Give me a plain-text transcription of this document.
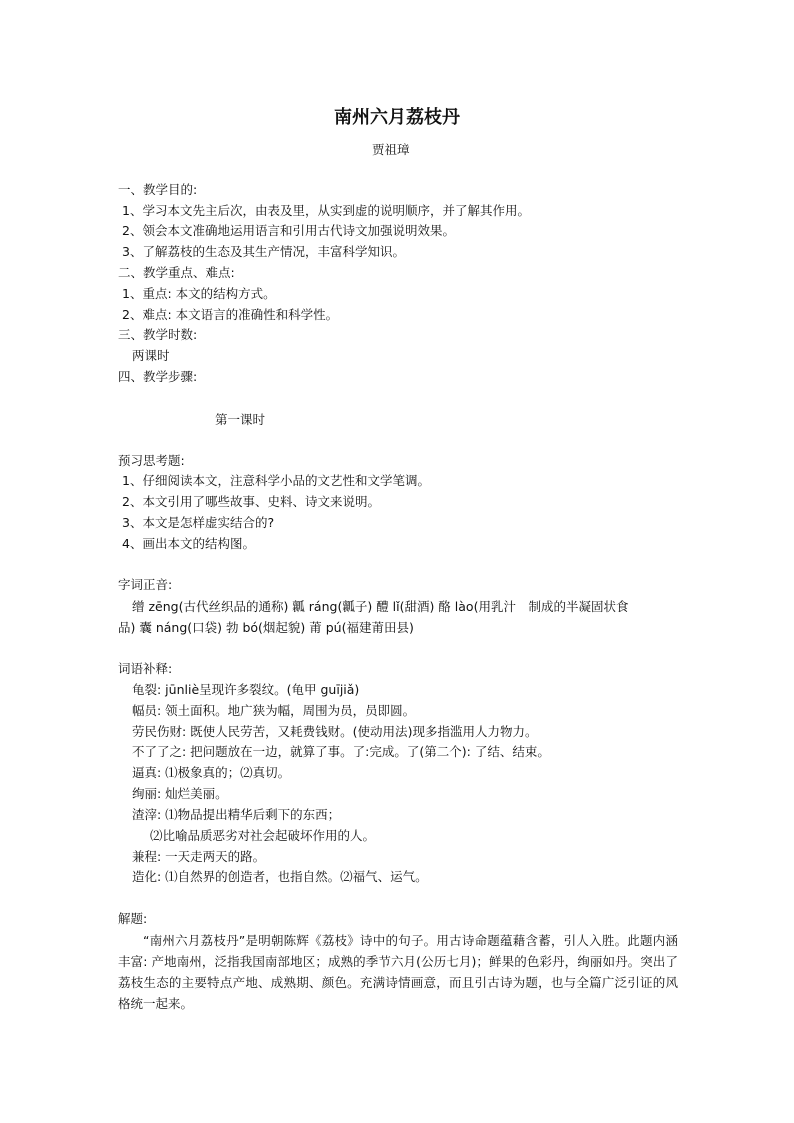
南州六月荔枝丹
贾祖璋
一、教学目的:
1、学习本文先主后次，由表及里，从实到虚的说明顺序，并了解其作用。
2、领会本文准确地运用语言和引用古代诗文加强说明效果。
3、了解荔枝的生态及其生产情况，丰富科学知识。
二、教学重点、难点:
1、重点: 本文的结构方式。
2、难点: 本文语言的准确性和科学性。
三、教学时数:
两课时
四、教学步骤:
第一课时
预习思考题:
1、仔细阅读本文，注意科学小品的文艺性和文学笔调。
2、本文引用了哪些故事、史料、诗文来说明。
3、本文是怎样虚实结合的?
4、画出本文的结构图。
字词正音:
缯 zēng(古代丝织品的通称) 瓤 ráng(瓤子) 醴 lǐ(甜酒) 酪 lào(用乳汁　制成的半凝固状食
品) 囊 náng(口袋) 勃 bó(烟起貌) 莆 pú(福建莆田县)
词语补释:
龟裂: jūnliè呈现许多裂纹。(龟甲 guījiǎ)
幅员: 领土面积。地广狭为幅，周围为员，员即圆。
劳民伤财: 既使人民劳苦，又耗费钱财。(使动用法)现多指滥用人力物力。
不了了之: 把问题放在一边，就算了事。了:完成。了(第二个): 了结、结束。
逼真: ⑴极象真的；⑵真切。
绚丽: 灿烂美丽。
渣滓: ⑴物品提出精华后剩下的东西；
⑵比喻品质恶劣对社会起破坏作用的人。
兼程: 一天走两天的路。
造化: ⑴自然界的创造者，也指自然。⑵福气、运气。
解题:
“南州六月荔枝丹”是明朝陈辉《荔枝》诗中的句子。用古诗命题蕴藉含蓄，引人入胜。此题内涵丰富: 产地南州，泛指我国南部地区；成熟的季节六月(公历七月)；鲜果的色彩丹，绚丽如丹。突出了荔枝生态的主要特点产地、成熟期、颜色。充满诗情画意，而且引古诗为题，也与全篇广泛引证的风格统一起来。
